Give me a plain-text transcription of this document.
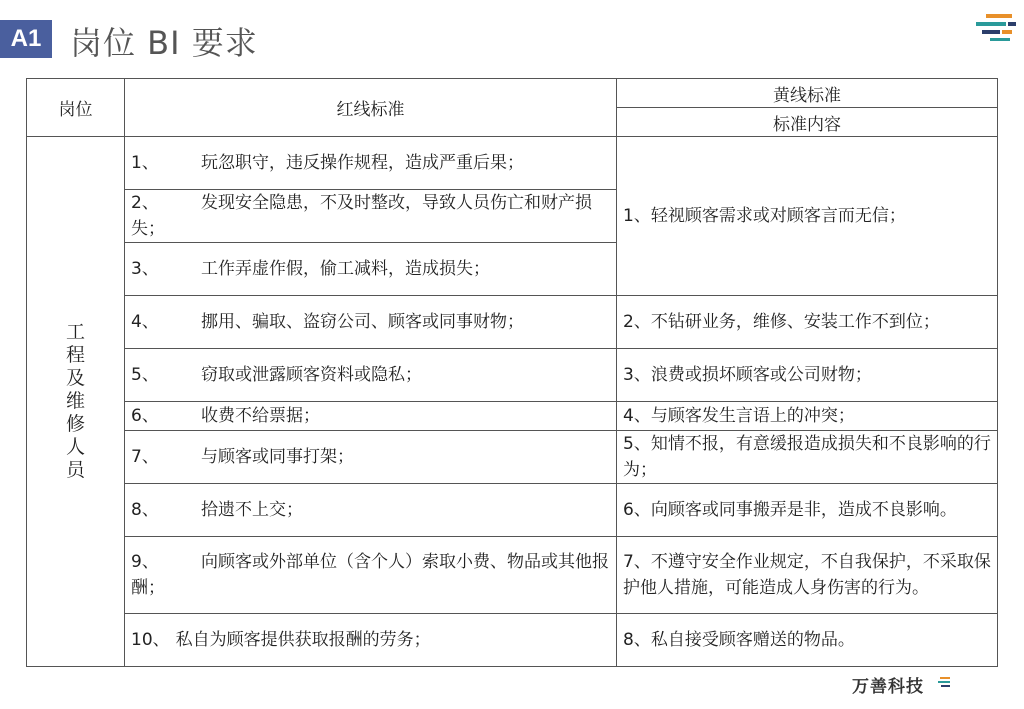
A1 岗位 BI 要求
岗位	红线标准	黄线标准
		标准内容
工程及维修人员	1、 玩忽职守，违反操作规程，造成严重后果；	1、轻视顾客需求或对顾客言而无信；
	2、 发现安全隐患，不及时整改，导致人员伤亡和财产损失；	
	3、 工作弄虚作假，偷工减料，造成损失；	
	4、 挪用、骗取、盗窃公司、顾客或同事财物；	2、不钻研业务，维修、安装工作不到位；
	5、 窃取或泄露顾客资料或隐私；	3、浪费或损坏顾客或公司财物；
	6、 收费不给票据；	4、与顾客发生言语上的冲突；
	7、 与顾客或同事打架；	5、知情不报，有意缓报造成损失和不良影响的行为；
	8、 拾遗不上交；	6、向顾客或同事搬弄是非，造成不良影响。
	9、 向顾客或外部单位（含个人）索取小费、物品或其他报酬；	7、不遵守安全作业规定，不自我保护，不采取保护他人措施，可能造成人身伤害的行为。
	10、 私自为顾客提供获取报酬的劳务；	8、私自接受顾客赠送的物品。
万善科技
